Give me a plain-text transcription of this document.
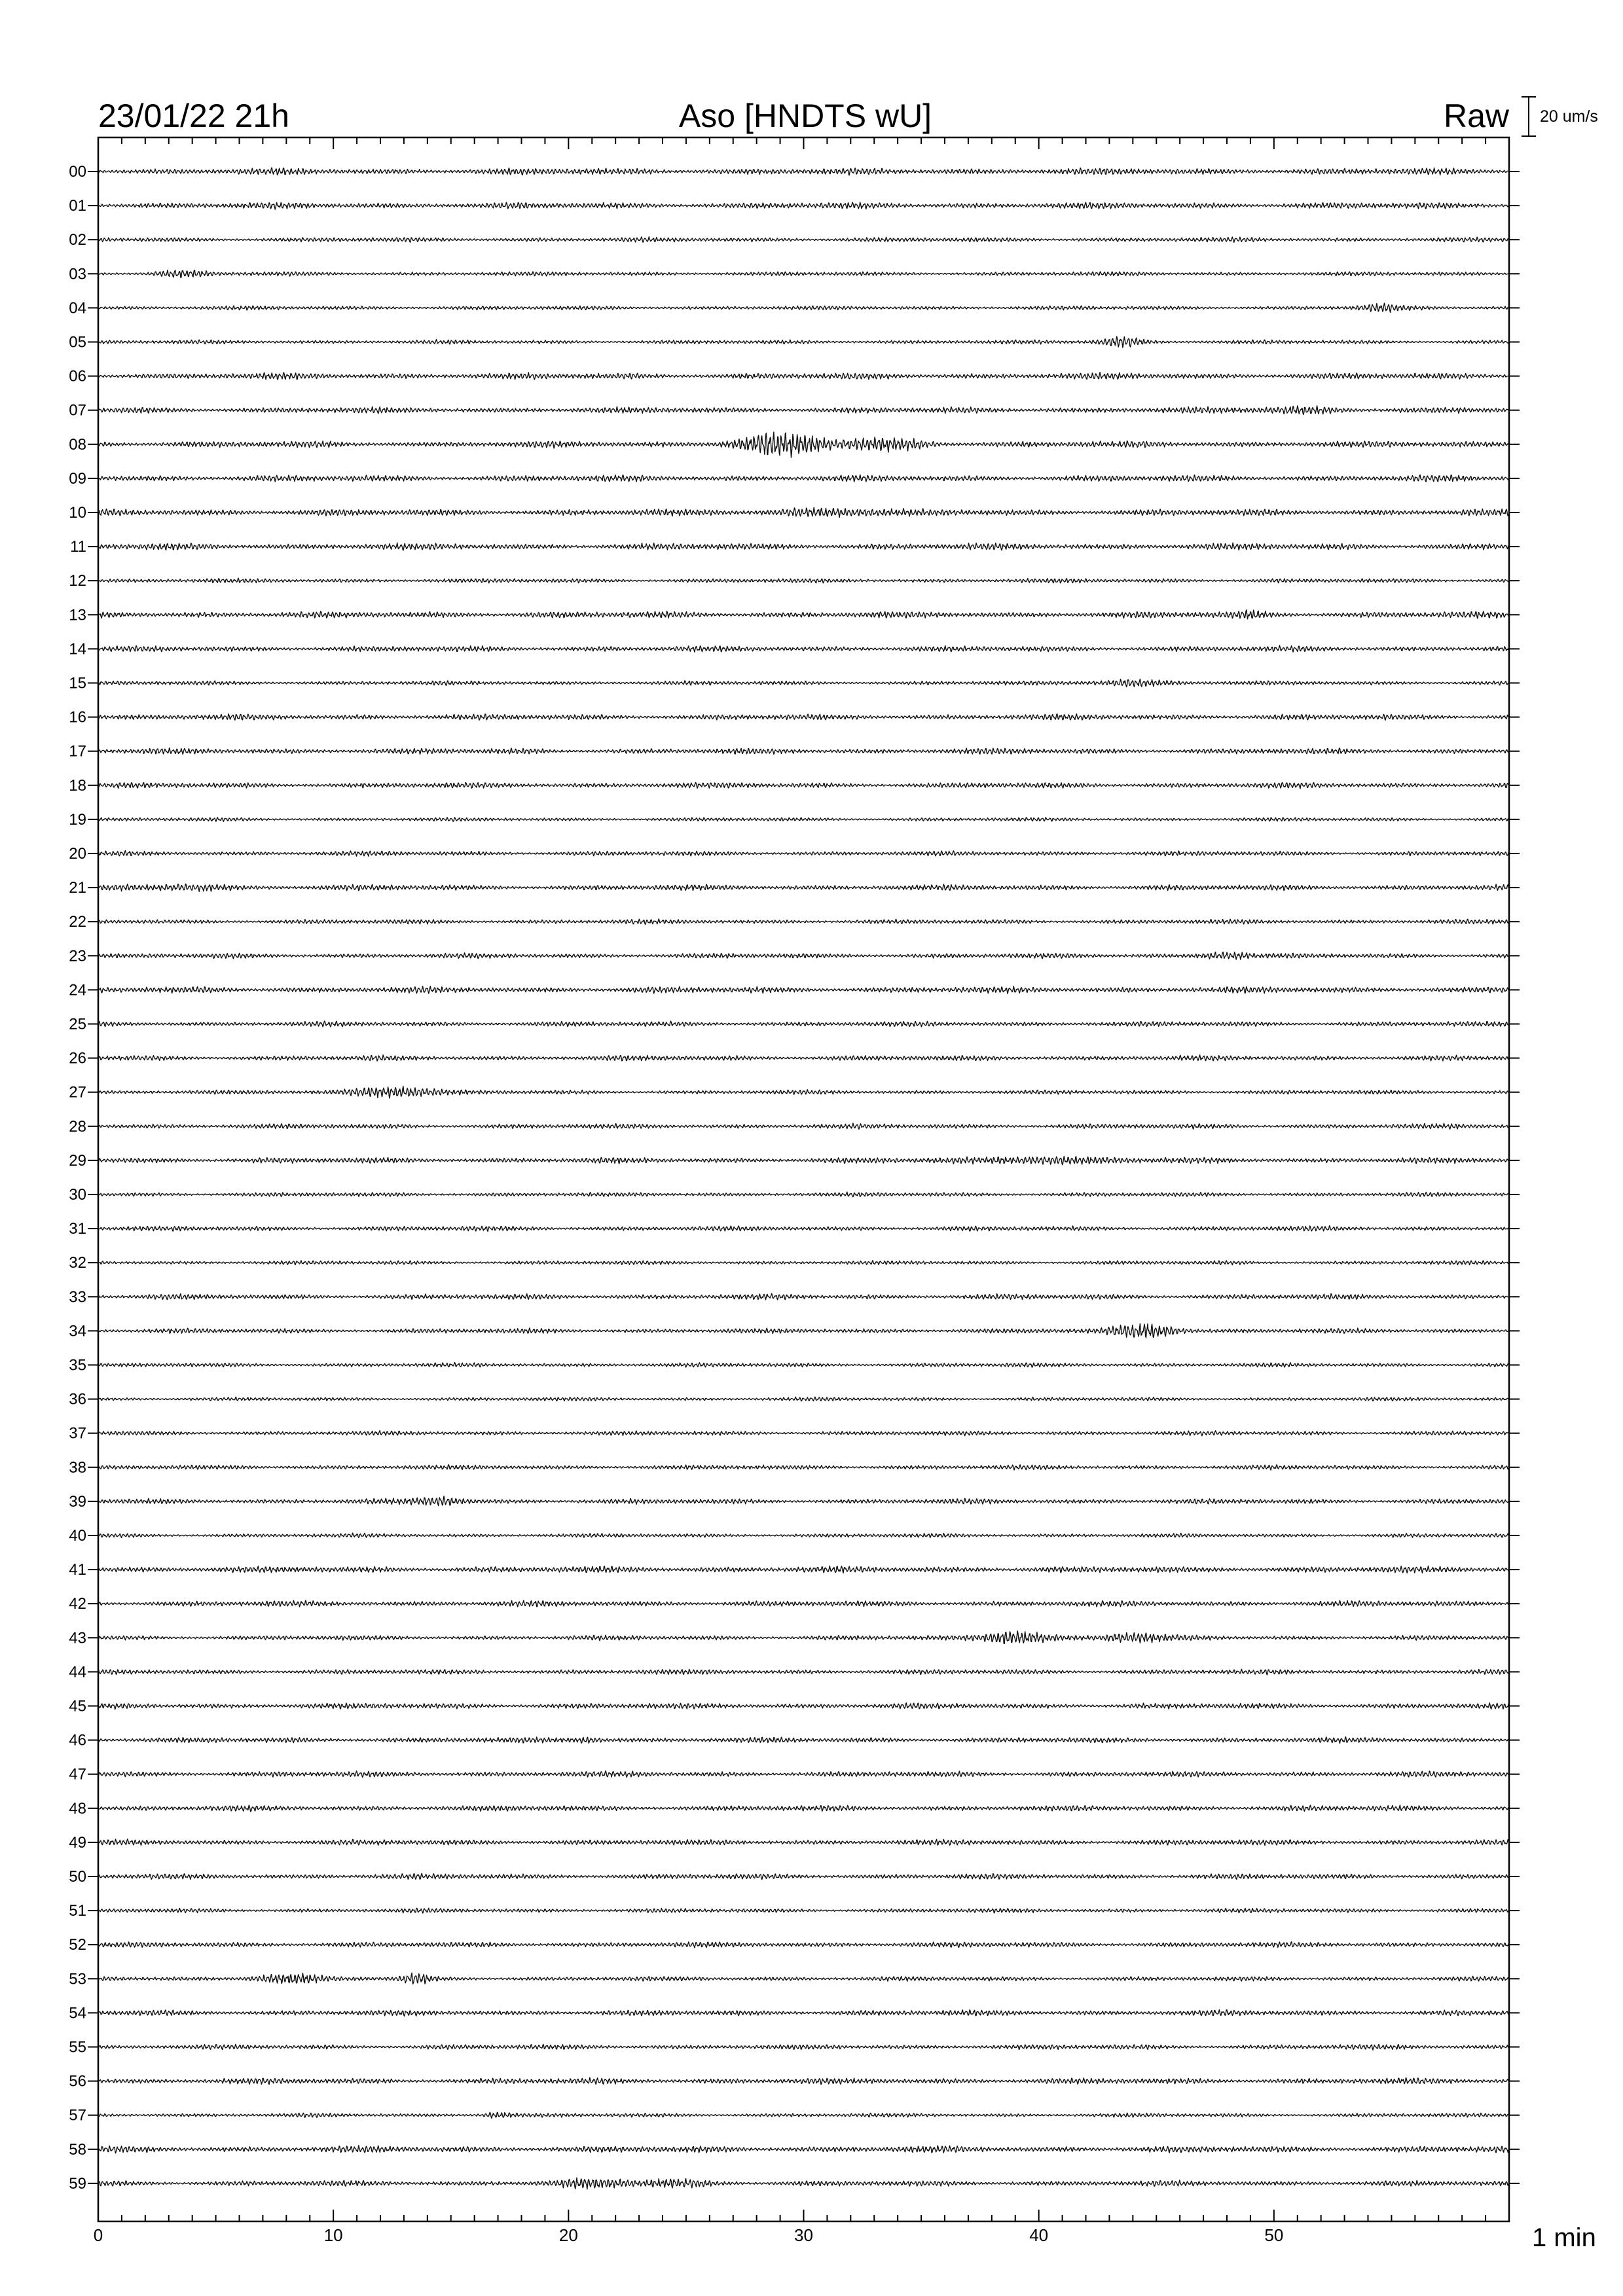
23/01/22 21h	Aso [HNDTS wU]	Raw 20 um/s
00
01
02
03
04
05
06
07
08
09
10
11
12
13
14
15
16
17
18
19
20
21
22
23
24
25
26
27
28
29
30
31
32
33
34
35
36
37
38
39
40
41
42
43
44
45
46
47
48
49
50
51
52
53
54
55
56
57
58
59
0	10	20	30	40	50	1 min
